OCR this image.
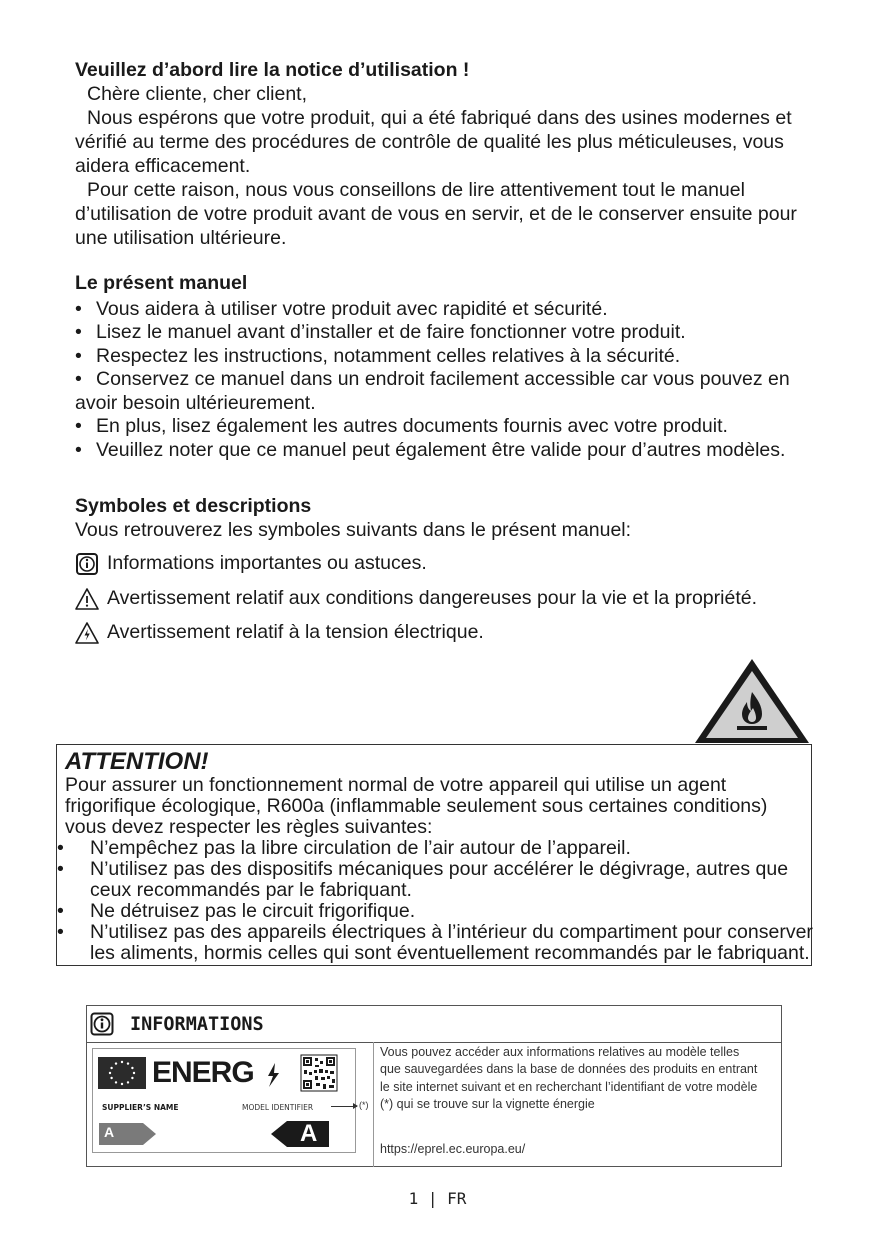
Veuillez d’abord lire la notice d’utilisation !
Chère cliente, cher client,
Nous espérons que votre produit, qui a été fabriqué dans des usines modernes et vérifié au terme des procédures de contrôle de qualité les plus méticuleuses, vous aidera efficacement.
Pour cette raison, nous vous conseillons de lire attentivement tout le manuel d’utilisation de votre produit avant de vous en servir, et de le conserver ensuite pour une utilisation ultérieure.
Le présent manuel
• Vous aidera à utiliser votre produit avec rapidité et sécurité.
• Lisez le manuel avant d’installer et de faire fonctionner votre produit.
• Respectez les instructions, notamment celles relatives à la sécurité.
• Conservez ce manuel dans un endroit facilement accessible car vous pouvez en avoir besoin ultérieurement.
• En plus, lisez également les autres documents fournis avec votre produit.
• Veuillez noter que ce manuel peut également être valide pour d’autres modèles.
Symboles et descriptions
Vous retrouverez les symboles suivants dans le présent manuel:
Informations importantes ou astuces.
Avertissement relatif aux conditions dangereuses pour la vie et la propriété.
Avertissement relatif à la tension électrique.
ATTENTION!
Pour assurer un fonctionnement normal de votre appareil qui utilise un agent frigorifique écologique, R600a (inflammable seulement sous certaines conditions) vous devez respecter les règles suivantes:
• N’empêchez pas la libre circulation de l’air autour de l’appareil.
• N’utilisez pas des dispositifs mécaniques pour accélérer le dégivrage, autres que ceux recommandés par le fabriquant.
• Ne détruisez pas le circuit frigorifique.
• N’utilisez pas des appareils électriques à l’intérieur du compartiment pour conserver les aliments, hormis celles qui sont éventuellement recommandés par le fabriquant.
INFORMATIONS
ENERG
SUPPLIER’S NAME	MODEL IDENTIFIER
A	A
(*)
Vous pouvez accéder aux informations relatives au modèle telles que sauvegardées dans la base de données des produits en entrant le site internet suivant et en recherchant l’identifiant de votre modèle (*) qui se trouve sur la vignette énergie
https://eprel.ec.europa.eu/
1 | FR
